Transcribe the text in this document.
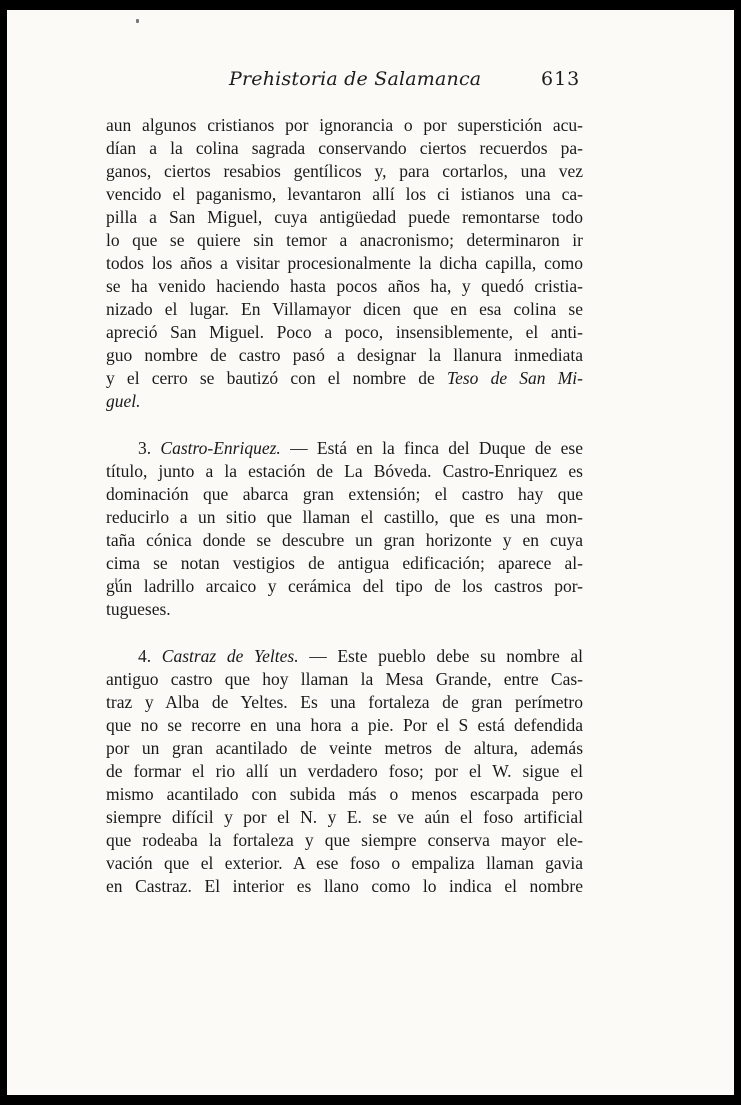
Prehistoria de Salamanca	613
aun algunos cristianos por ignorancia o por superstición acu-
dían a la colina sagrada conservando ciertos recuerdos pa-
ganos, ciertos resabios gentílicos y, para cortarlos, una vez
vencido el paganismo, levantaron allí los ci istianos una ca-
pilla a San Miguel, cuya antigüedad puede remontarse todo
lo que se quiere sin temor a anacronismo; determinaron ir
todos los años a visitar procesionalmente la dicha capilla, como
se ha venido haciendo hasta pocos años ha, y quedó cristia-
nizado el lugar. En Villamayor dicen que en esa colina se
apreció San Miguel. Poco a poco, insensiblemente, el anti-
guo nombre de castro pasó a designar la llanura inmediata
y el cerro se bautizó con el nombre de Teso de San Mi-
guel.
3. Castro-Enriquez. — Está en la finca del Duque de ese
título, junto a la estación de La Bóveda. Castro-Enriquez es
dominación que abarca gran extensión; el castro hay que
reducirlo a un sitio que llaman el castillo, que es una mon-
taña cónica donde se descubre un gran horizonte y en cuya
cima se notan vestigios de antigua edificación; aparece al-
gún ladrillo arcaico y cerámica del tipo de los castros por-
tugueses.
4. Castraz de Yeltes. — Este pueblo debe su nombre al
antiguo castro que hoy llaman la Mesa Grande, entre Cas-
traz y Alba de Yeltes. Es una fortaleza de gran perímetro
que no se recorre en una hora a pie. Por el S está defendida
por un gran acantilado de veinte metros de altura, además
de formar el rio allí un verdadero foso; por el W. sigue el
mismo acantilado con subida más o menos escarpada pero
siempre difícil y por el N. y E. se ve aún el foso artificial
que rodeaba la fortaleza y que siempre conserva mayor ele-
vación que el exterior. A ese foso o empaliza llaman gavia
en Castraz. El interior es llano como lo indica el nombre
